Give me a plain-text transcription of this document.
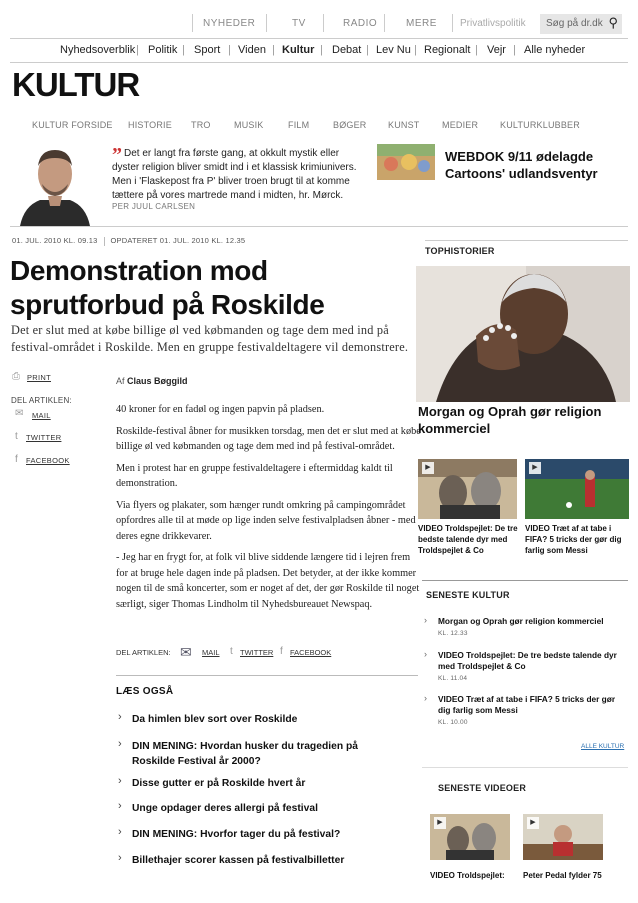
NYHEDER	TV	RADIO	MERE Privatlivspolitik	Søg på dr.dk ⚲
Nyhedsoverblik | Politik | Sport | Viden | Kultur | Debat | Lev Nu | Regionalt | Vejr | Alle nyheder
KULTUR
KULTUR FORSIDE HISTORIE TRO	MUSIK	FILM	BØGER KUNST MEDIER KULTURKLUBBER
” Det er langt fra første gang, at okkult mystik eller dyster religion bliver smidt ind i et klassisk krimiunivers. Men i 'Flaskepost fra P' bliver troen brugt til at komme tættere på vores martrede mand i midten, hr. Mørck.
PER JUUL CARLSEN
WEBDOK 9/11 ødelagde Cartoons' udlandsventyr
01. JUL. 2010 KL. 09.13 OPDATERET 01. JUL. 2010 KL. 12.35
Demonstration mod sprutforbud på Roskilde

Det er slut med at købe billige øl ved købmanden og tage dem med ind på festival-området i Roskilde. Men en gruppe festivaldeltagere vil demonstrere.

⎙ PRINT
DEL ARTIKLEN:
✉ MAIL
t TWITTER
f FACEBOOK
Af Claus Bøggild

40 kroner for en fadøl og ingen papvin på pladsen.

Roskilde-festival åbner for musikken torsdag, men det er slut med at købe billige øl ved købmanden og tage dem med ind på festival-området.

Men i protest har en gruppe festivaldeltagere i eftermiddag kaldt til demonstration.

Via flyers og plakater, som hænger rundt omkring på campingområdet opfordres alle til at møde op lige inden selve festivalpladsen åbner - med deres egne drikkevarer.

- Jeg har en frygt for, at folk vil blive siddende længere tid i lejren frem for at bruge hele dagen inde på pladsen. Det betyder, at der ikke kommer nogen til de små koncerter, som er noget af det, der gør Roskilde til noget særligt, siger Thomas Lindholm til Nyhedsbureauet Newspaq.

DEL ARTIKLEN: ✉ MAIL t TWITTER f FACEBOOK
LÆS OGSÅ
› Da himlen blev sort over Roskilde
› DIN MENING: Hvordan husker du tragedien på Roskilde Festival år 2000?
› Disse gutter er på Roskilde hvert år
› Unge opdager deres allergi på festival
› DIN MENING: Hvorfor tager du på festival?
› Billethajer scorer kassen på festivalbilletter
TOPHISTORIER
Morgan og Oprah gør religion kommerciel
▶
VIDEO Troldspejlet: De tre bedste talende dyr med Troldspejlet & Co
▶
VIDEO Træt af at tabe i FIFA? 5 tricks der gør dig farlig som Messi
SENESTE KULTUR
› Morgan og Oprah gør religion kommerciel
KL. 12.33
› VIDEO Troldspejlet: De tre bedste talende dyr med Troldspejlet & Co
KL. 11.04
› VIDEO Træt af at tabe i FIFA? 5 tricks der gør dig farlig som Messi
KL. 10.00
ALLE KULTUR
SENESTE VIDEOER
▶	▶
VIDEO Troldspejlet: Peter Pedal fylder 75
